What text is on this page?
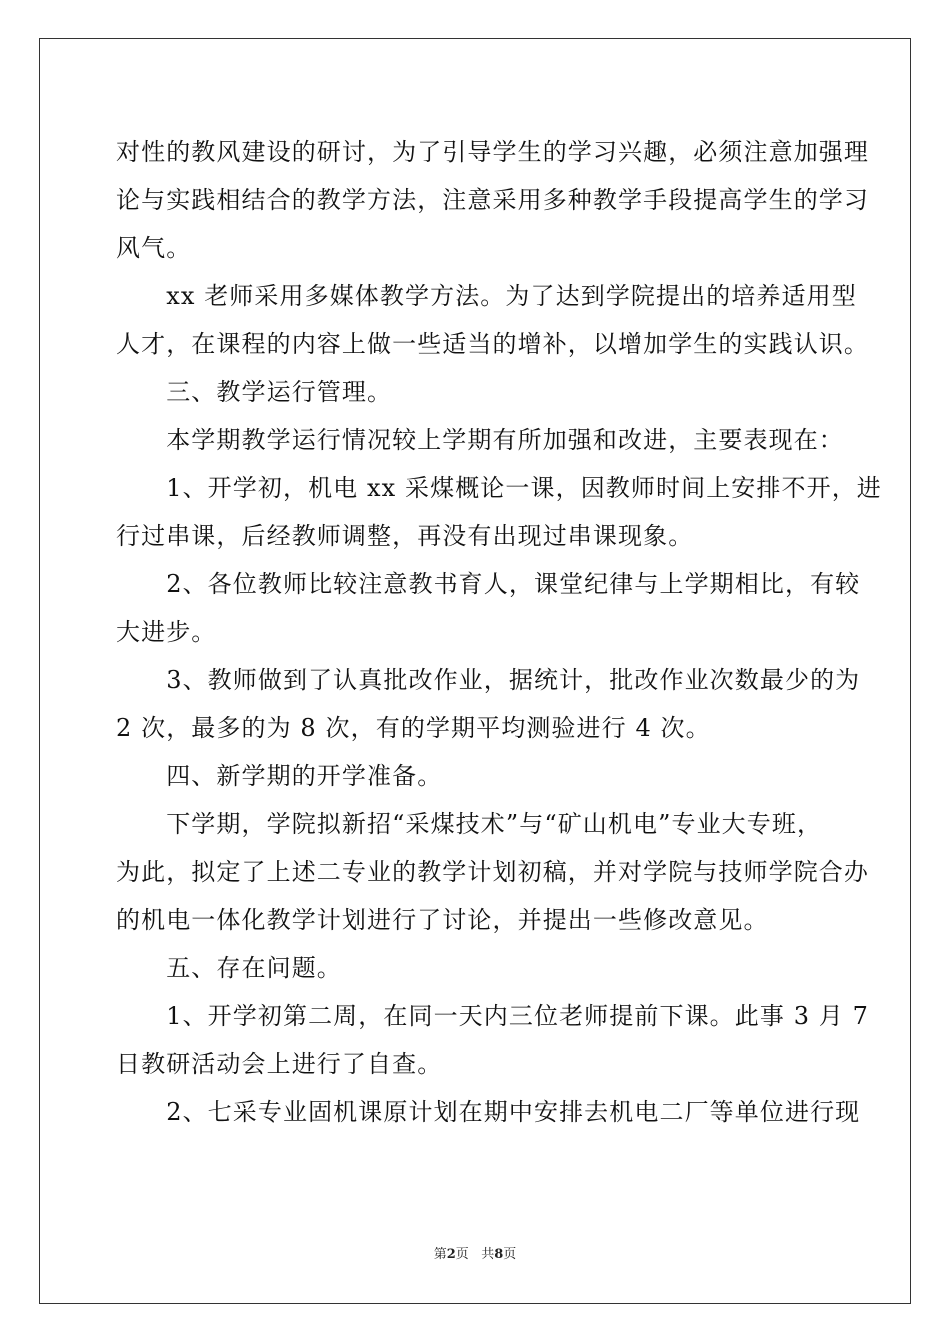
对性的教风建设的研讨，为了引导学生的学习兴趣，必须注意加强理
论与实践相结合的教学方法，注意采用多种教学手段提高学生的学习
风气。
　　xx 老师采用多媒体教学方法。为了达到学院提出的培养适用型
人才，在课程的内容上做一些适当的增补，以增加学生的实践认识。
　　三、教学运行管理。
　　本学期教学运行情况较上学期有所加强和改进，主要表现在：
　　1、开学初，机电 xx 采煤概论一课，因教师时间上安排不开，进
行过串课，后经教师调整，再没有出现过串课现象。
　　2、各位教师比较注意教书育人，课堂纪律与上学期相比，有较
大进步。
　　3、教师做到了认真批改作业，据统计，批改作业次数最少的为
2 次，最多的为 8 次，有的学期平均测验进行 4 次。
　　四、新学期的开学准备。
　　下学期，学院拟新招“采煤技术”与“矿山机电”专业大专班，
为此，拟定了上述二专业的教学计划初稿，并对学院与技师学院合办
的机电一体化教学计划进行了讨论，并提出一些修改意见。
　　五、存在问题。
　　1、开学初第二周，在同一天内三位老师提前下课。此事 3 月 7
日教研活动会上进行了自查。
　　2、七采专业固机课原计划在期中安排去机电二厂等单位进行现
第2页 共8页
